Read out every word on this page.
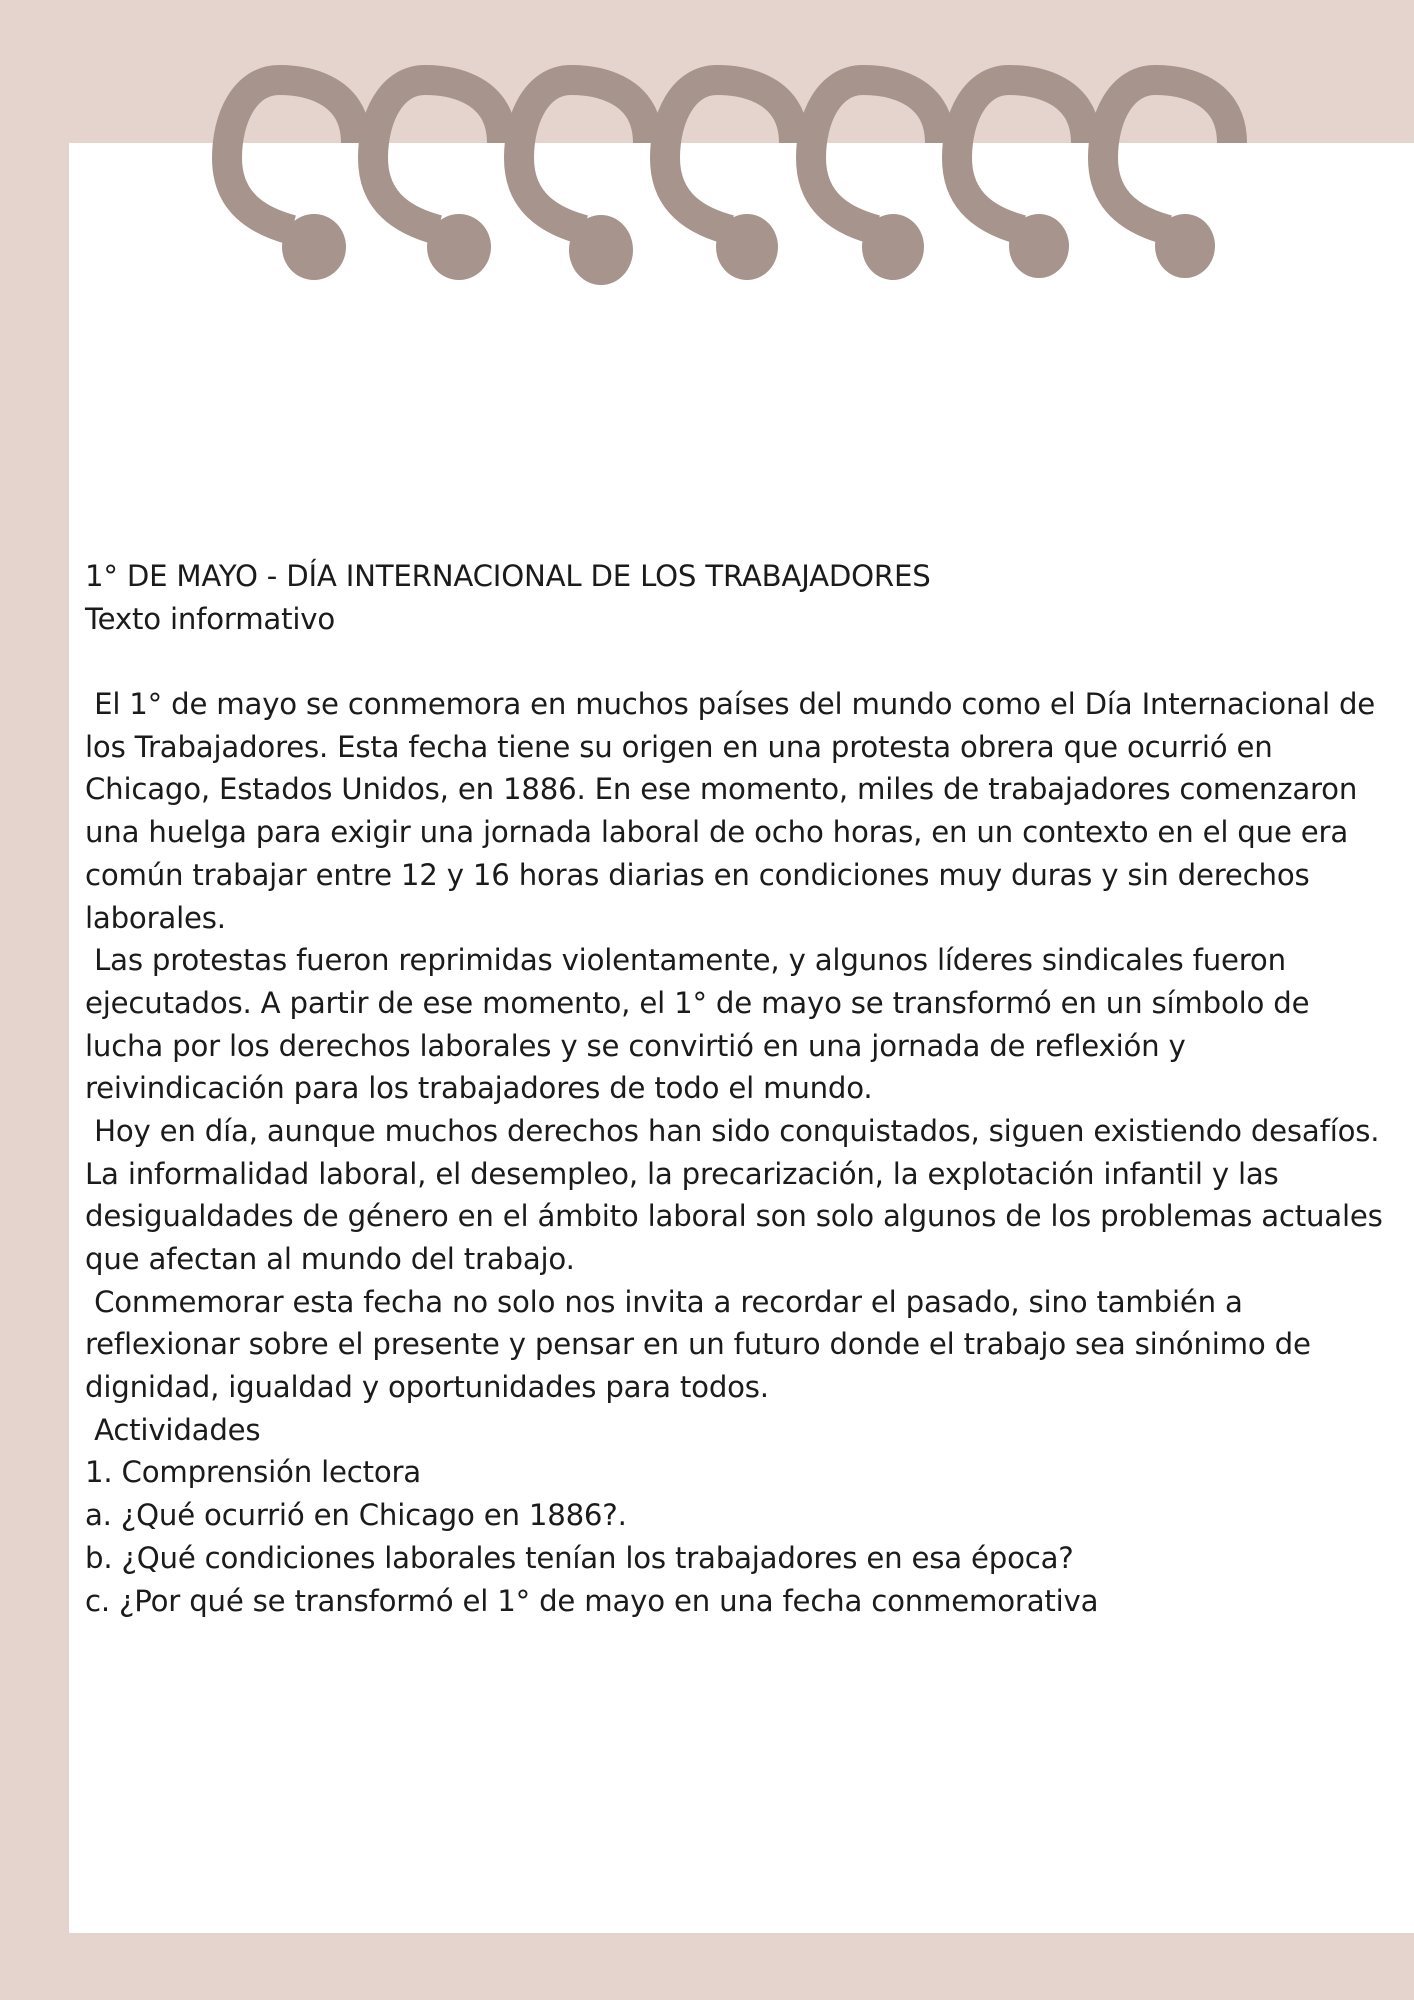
1° DE MAYO - DÍA INTERNACIONAL DE LOS TRABAJADORES
Texto informativo
El 1° de mayo se conmemora en muchos países del mundo como el Día Internacional de
los Trabajadores. Esta fecha tiene su origen en una protesta obrera que ocurrió en
Chicago, Estados Unidos, en 1886. En ese momento, miles de trabajadores comenzaron
una huelga para exigir una jornada laboral de ocho horas, en un contexto en el que era
común trabajar entre 12 y 16 horas diarias en condiciones muy duras y sin derechos
laborales.
Las protestas fueron reprimidas violentamente, y algunos líderes sindicales fueron
ejecutados. A partir de ese momento, el 1° de mayo se transformó en un símbolo de
lucha por los derechos laborales y se convirtió en una jornada de reflexión y
reivindicación para los trabajadores de todo el mundo.
Hoy en día, aunque muchos derechos han sido conquistados, siguen existiendo desafíos.
La informalidad laboral, el desempleo, la precarización, la explotación infantil y las
desigualdades de género en el ámbito laboral son solo algunos de los problemas actuales
que afectan al mundo del trabajo.
Conmemorar esta fecha no solo nos invita a recordar el pasado, sino también a
reflexionar sobre el presente y pensar en un futuro donde el trabajo sea sinónimo de
dignidad, igualdad y oportunidades para todos.
Actividades
1. Comprensión lectora
a. ¿Qué ocurrió en Chicago en 1886?.
b. ¿Qué condiciones laborales tenían los trabajadores en esa época?
c. ¿Por qué se transformó el 1° de mayo en una fecha conmemorativa
